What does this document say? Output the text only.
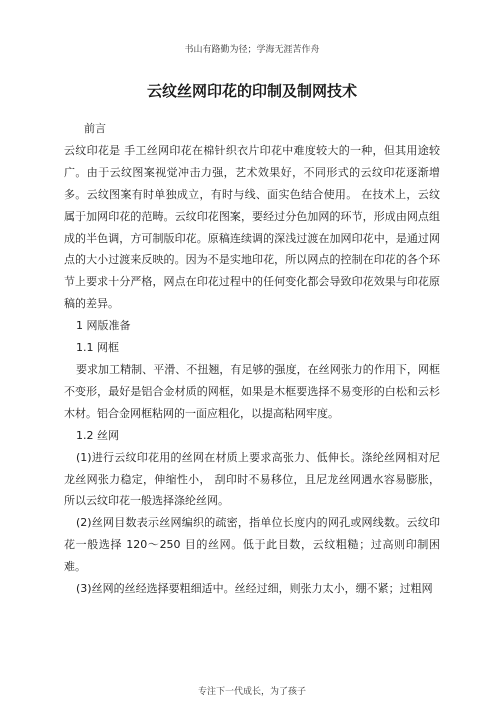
书山有路勤为径；学海无涯苦作舟
云纹丝网印花的印制及制网技术

前言

云纹印花是 手工丝网印花在棉针织衣片印花中难度较大的一种，但其用途较广。由于云纹图案视觉冲击力强，艺术效果好，不同形式的云纹印花逐渐增多。云纹图案有时单独成立，有时与线、面实色结合使用。 在技术上，云纹属于加网印花的范畴。云纹印花图案，要经过分色加网的环节，形成由网点组成的半色调，方可制版印花。原稿连续调的深浅过渡在加网印花中，是通过网点的大小过渡来反映的。因为不是实地印花，所以网点的控制在印花的各个环节上要求十分严格，网点在印花过程中的任何变化都会导致印花效果与印花原稿的差异。

1 网版准备

1.1 网框

要求加工精制、平滑、不扭翘，有足够的强度，在丝网张力的作用下，网框不变形，最好是铝合金材质的网框，如果是木框要选择不易变形的白松和云杉木材。铝合金网框粘网的一面应粗化，以提高粘网牢度。

1.2 丝网

(1)进行云纹印花用的丝网在材质上要求高张力、低伸长。涤纶丝网相对尼龙丝网张力稳定，伸缩性小， 刮印时不易移位，且尼龙丝网遇水容易膨胀，所以云纹印花一般选择涤纶丝网。

(2)丝网目数表示丝网编织的疏密，指单位长度内的网孔或网线数。云纹印花一般选择 120～250 目的丝网。低于此目数，云纹粗糙；过高则印制困难。

(3)丝网的丝经选择要粗细适中。丝经过细，则张力太小，绷不紧；过粗网

专注下一代成长，为了孩子
